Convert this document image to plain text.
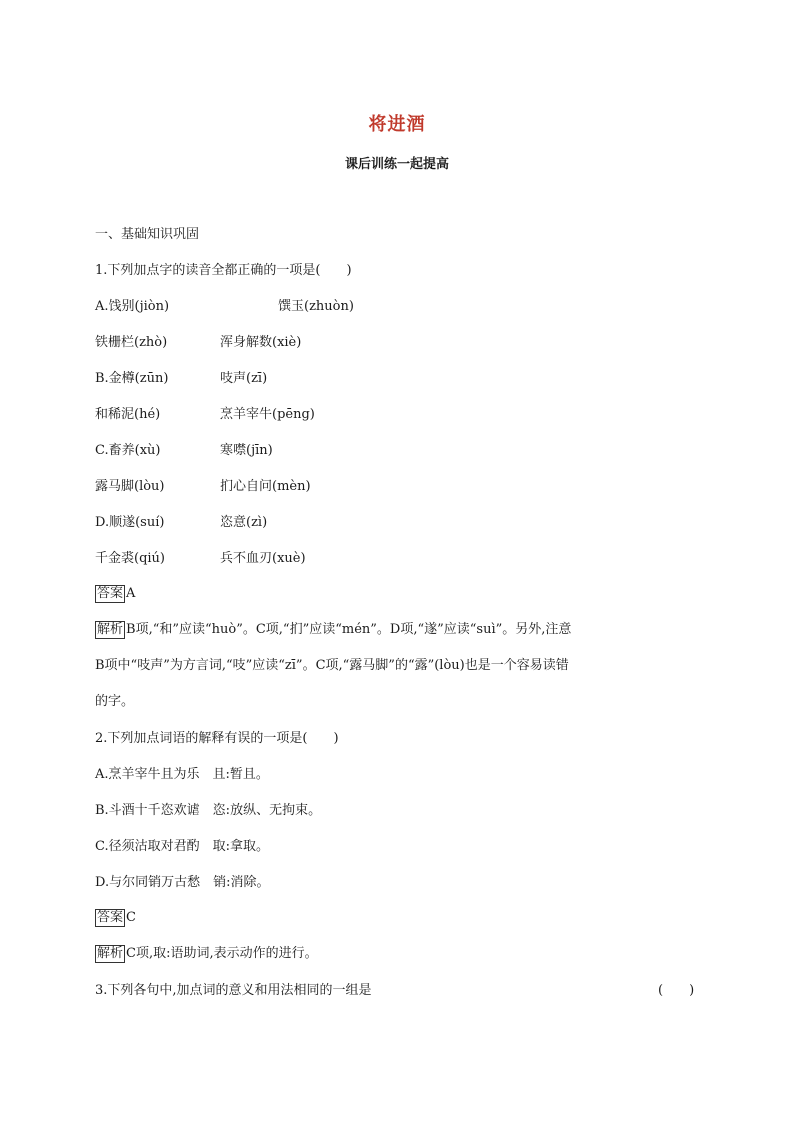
将进酒
课后训练一起提高
一、基础知识巩固
1.下列加点字的读音全都正确的一项是(　　)
A.饯别(jiòn)	馔玉(zhuòn)
铁栅栏(zhò)	浑身解数(xiè)
B.金樽(zūn)	吱声(zī)
和稀泥(hé)	烹羊宰牛(pēng)
C.畜养(xù)	寒噤(jīn)
露马脚(lòu)	扪心自问(mèn)
D.顺遂(suí)	恣意(zì)
千金裘(qiú)	兵不血刃(xuè)
答案 A
解析 B项,“和”应读“huò”。C项,“扪”应读“mén”。D项,“遂”应读“suì”。另外,注意
B项中“吱声”为方言词,“吱”应读“zī”。C项,“露马脚”的“露”(lòu)也是一个容易读错
的字。
2.下列加点词语的解释有误的一项是(　　)
A.烹羊宰牛且为乐　且:暂且。
B.斗酒十千恣欢谑　恣:放纵、无拘束。
C.径须沽取对君酌　取:拿取。
D.与尔同销万古愁　销:消除。
答案 C
解析 C项,取:语助词,表示动作的进行。
3.下列各句中,加点词的意义和用法相同的一组是	(　　)
